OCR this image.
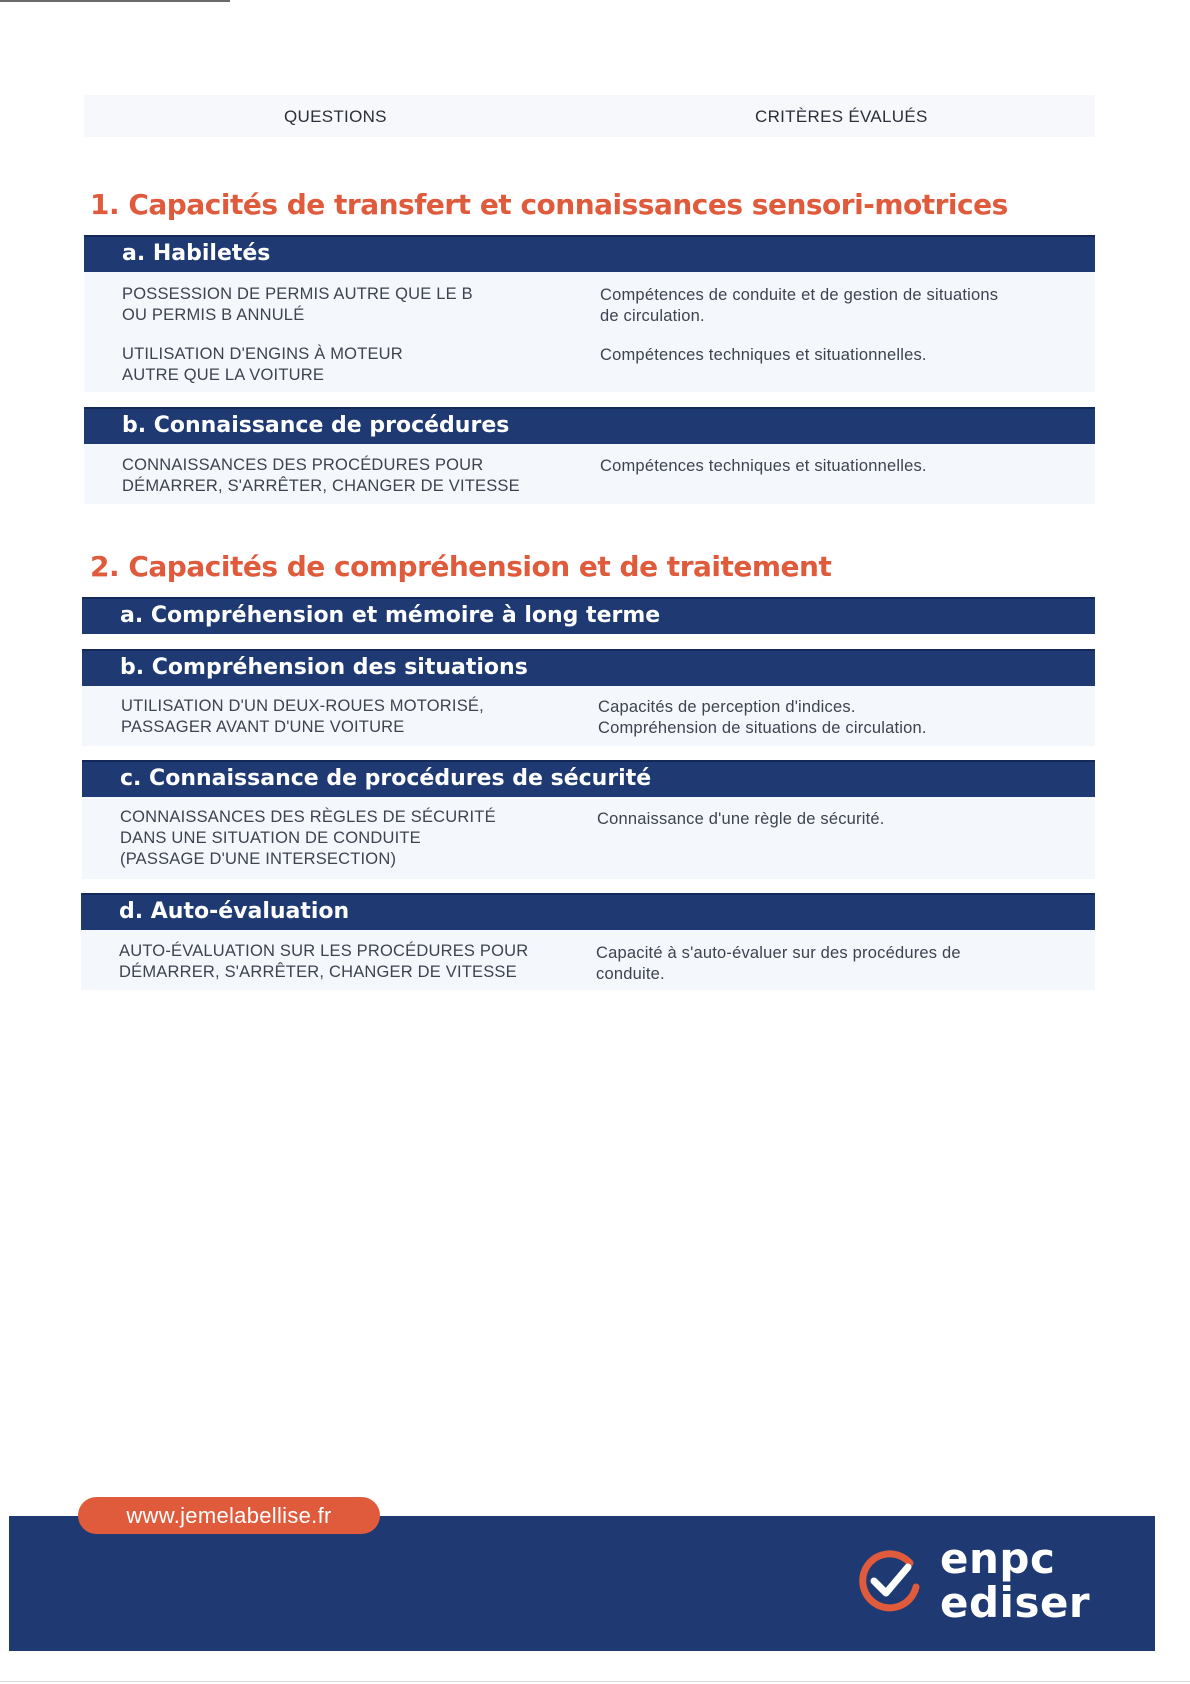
QUESTIONS	CRITÈRES ÉVALUÉS
1. Capacités de transfert et connaissances sensori-motrices
a. Habiletés
POSSESSION DE PERMIS AUTRE QUE LE B
OU PERMIS B ANNULÉ
Compétences de conduite et de gestion de situations
de circulation.
UTILISATION D'ENGINS À MOTEUR
AUTRE QUE LA VOITURE
Compétences techniques et situationnelles.
b. Connaissance de procédures
CONNAISSANCES DES PROCÉDURES POUR
DÉMARRER, S'ARRÊTER, CHANGER DE VITESSE
Compétences techniques et situationnelles.
2. Capacités de compréhension et de traitement
a. Compréhension et mémoire à long terme
b. Compréhension des situations
UTILISATION D'UN DEUX-ROUES MOTORISÉ,
PASSAGER AVANT D'UNE VOITURE
Capacités de perception d'indices.
Compréhension de situations de circulation.
c. Connaissance de procédures de sécurité
CONNAISSANCES DES RÈGLES DE SÉCURITÉ
DANS UNE SITUATION DE CONDUITE
(PASSAGE D'UNE INTERSECTION)
Connaissance d'une règle de sécurité.
d. Auto-évaluation
AUTO-ÉVALUATION SUR LES PROCÉDURES POUR
DÉMARRER, S'ARRÊTER, CHANGER DE VITESSE
Capacité à s'auto-évaluer sur des procédures de
conduite.
www.jemelabellise.fr
enpc
ediser
